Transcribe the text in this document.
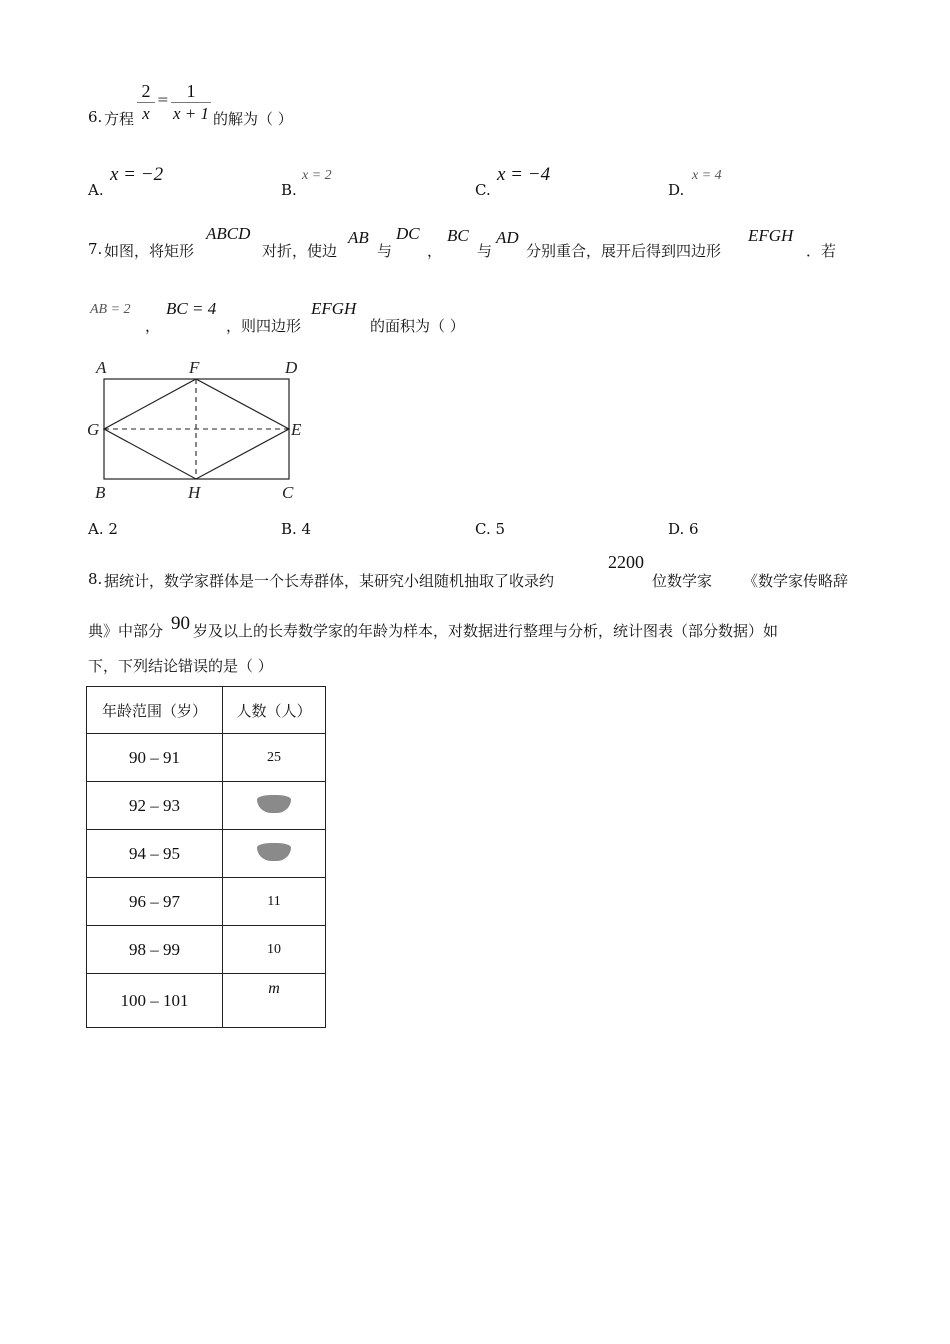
6. 方程
2
x
= 1
x + 1 的解为（ ）
A.
x = −2
B.
x = 2
C.
x = −4
D.
x = 4
7. 如图，将矩形
ABCD
对折，使边
AB
与
DC
，
BC
与
AD
分别重合，展开后得到四边形
EFGH
．若
AB = 2
，
BC = 4
，则四边形
EFGH
的面积为（ ）
A	F	D
G	E
B	H	C
A. 2	B. 4	C. 5	D. 6
8. 据统计，数学家群体是一个长寿群体，某研究小组随机抽取了收录约
2200
位数学家 《数学家传略辞
典》中部分 90 岁及以上的长寿数学家的年龄为样本，对数据进行整理与分析，统计图表（部分数据）如
下，下列结论错误的是（ ）
年龄范围（岁）	人数（人）
90 – 91	25
92 – 93	
94 – 95	
96 – 97	11
98 – 99	10
100 – 101	m
